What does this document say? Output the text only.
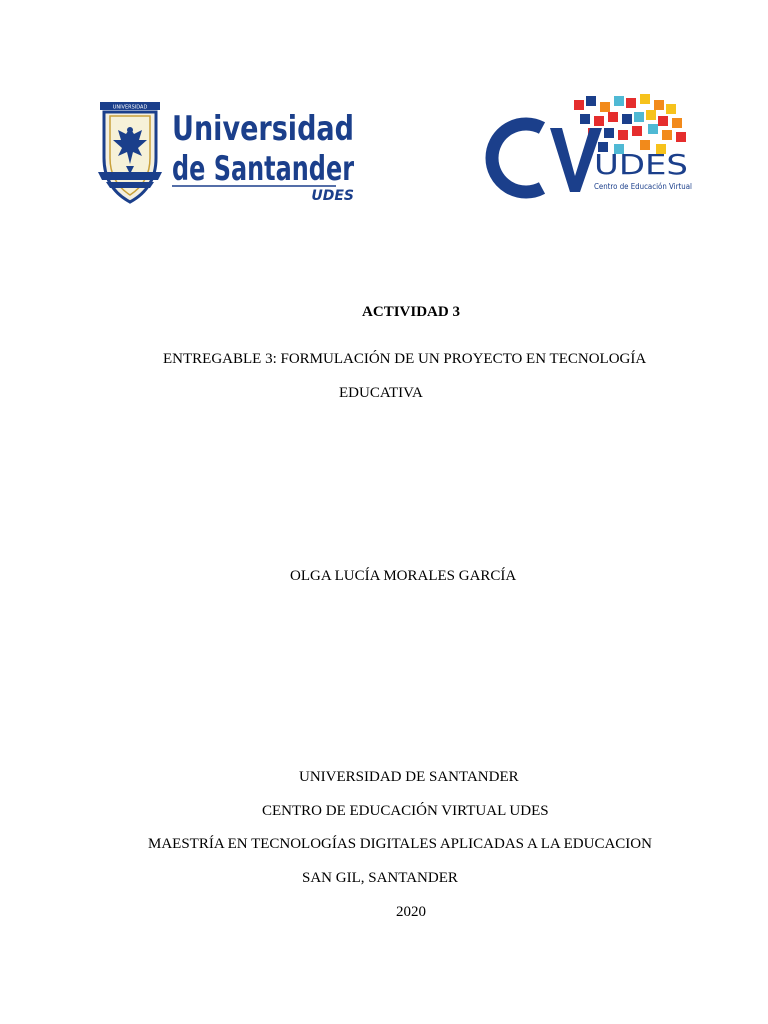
UNIVERSIDAD
Universidad
de Santander
UDES
UDES
Centro de Educación Virtual
ACTIVIDAD 3
ENTREGABLE 3: FORMULACIÓN DE UN PROYECTO EN TECNOLOGÍA
EDUCATIVA
OLGA LUCÍA MORALES GARCÍA
UNIVERSIDAD DE SANTANDER
CENTRO DE EDUCACIÓN VIRTUAL UDES
MAESTRÍA EN TECNOLOGÍAS DIGITALES APLICADAS A LA EDUCACION
SAN GIL, SANTANDER
2020
